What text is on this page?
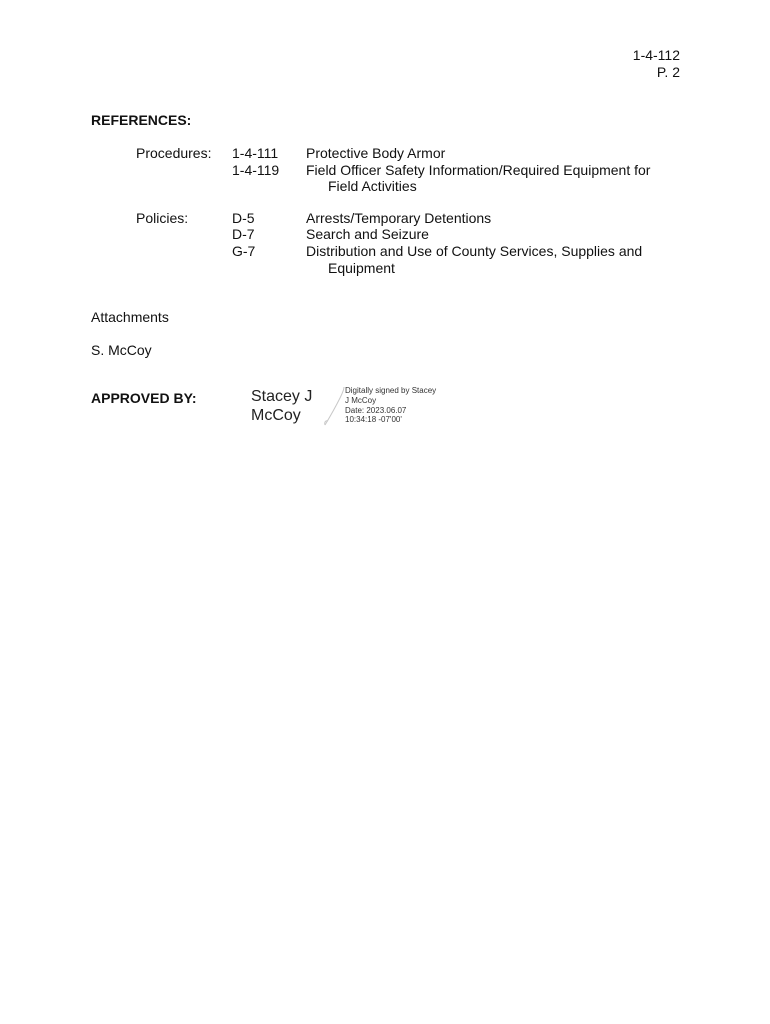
1-4-112
P. 2
REFERENCES:
Procedures: 1-4-111 Protective Body Armor
1-4-119 Field Officer Safety Information/Required Equipment for
Field Activities
Policies:	D-5	Arrests/Temporary Detentions
D-7	Search and Seizure
G-7	Distribution and Use of County Services, Supplies and
Equipment
Attachments
S. McCoy
APPROVED BY:	Stacey J
McCoy
Digitally signed by Stacey
J McCoy
Date: 2023.06.07
10:34:18 -07'00'
